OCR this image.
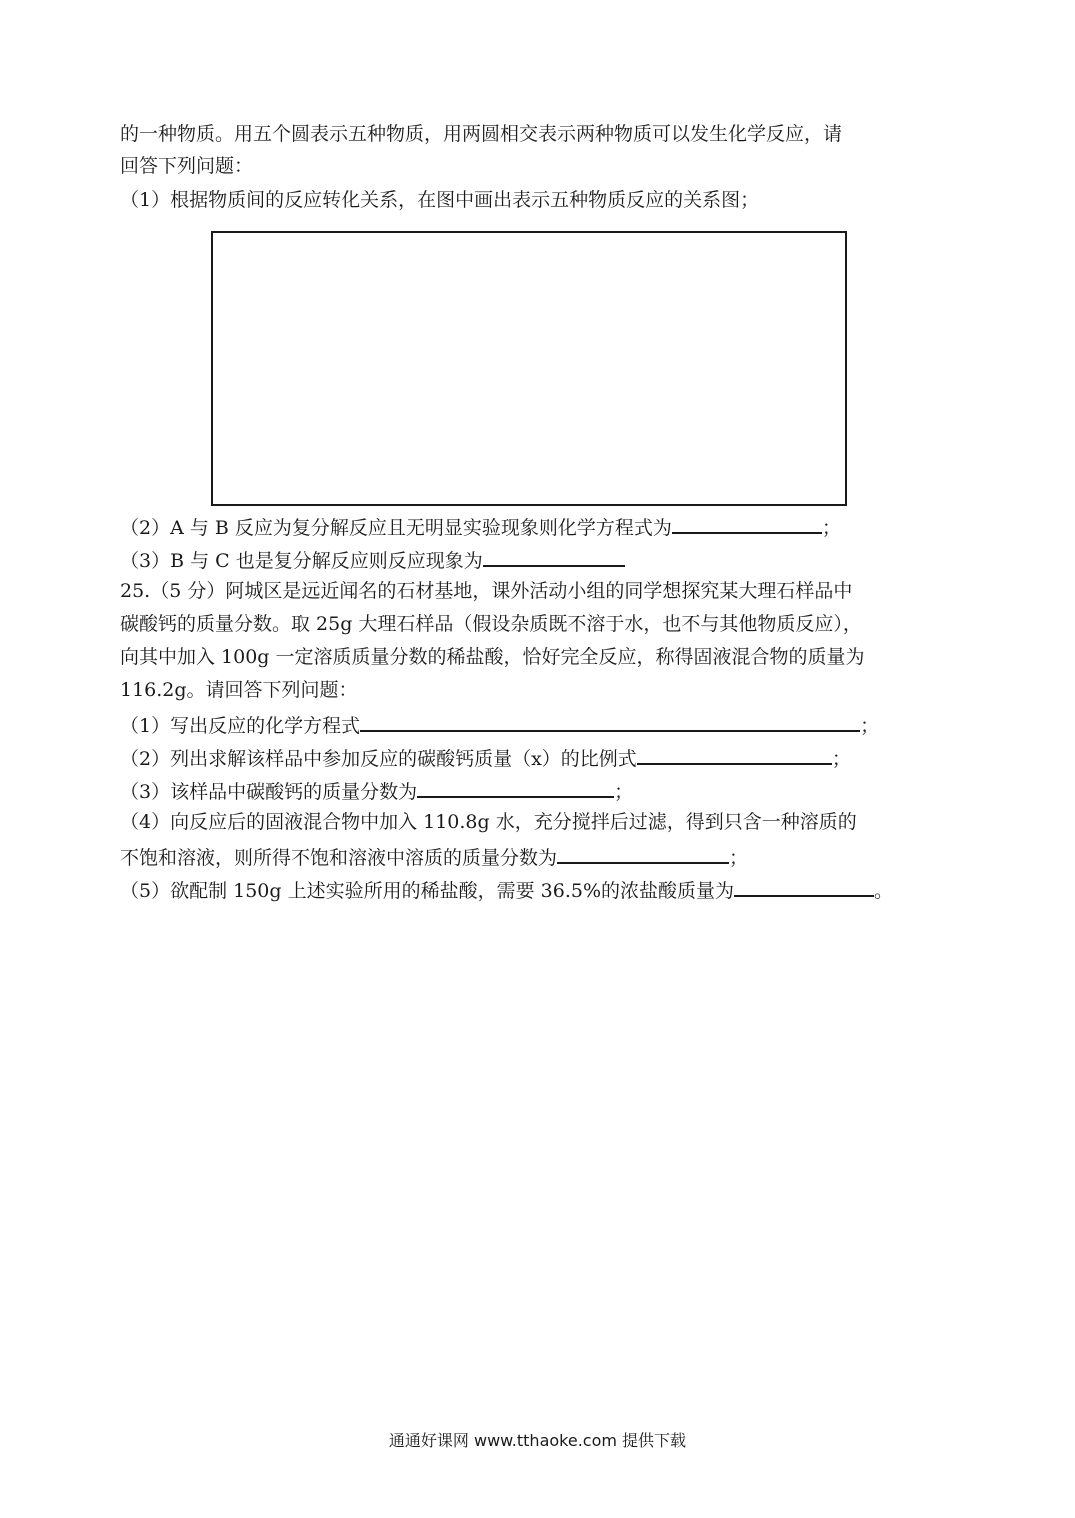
的一种物质。用五个圆表示五种物质，用两圆相交表示两种物质可以发生化学反应，请
回答下列问题：
（1）根据物质间的反应转化关系，在图中画出表示五种物质反应的关系图；
（2）A 与 B 反应为复分解反应且无明显实验现象则化学方程式为	；
（3）B 与 C 也是复分解反应则反应现象为
25.（5 分）阿城区是远近闻名的石材基地，课外活动小组的同学想探究某大理石样品中
碳酸钙的质量分数。取 25g 大理石样品（假设杂质既不溶于水，也不与其他物质反应），
向其中加入 100g 一定溶质质量分数的稀盐酸，恰好完全反应，称得固液混合物的质量为
116.2g。请回答下列问题：
（1）写出反应的化学方程式	；
（2）列出求解该样品中参加反应的碳酸钙质量（x）的比例式	；
（3）该样品中碳酸钙的质量分数为	；
（4）向反应后的固液混合物中加入 110.8g 水，充分搅拌后过滤，得到只含一种溶质的
不饱和溶液，则所得不饱和溶液中溶质的质量分数为	；
（5）欲配制 150g 上述实验所用的稀盐酸，需要 36.5%的浓盐酸质量为	。
通通好课网 www.tthaoke.com 提供下载
